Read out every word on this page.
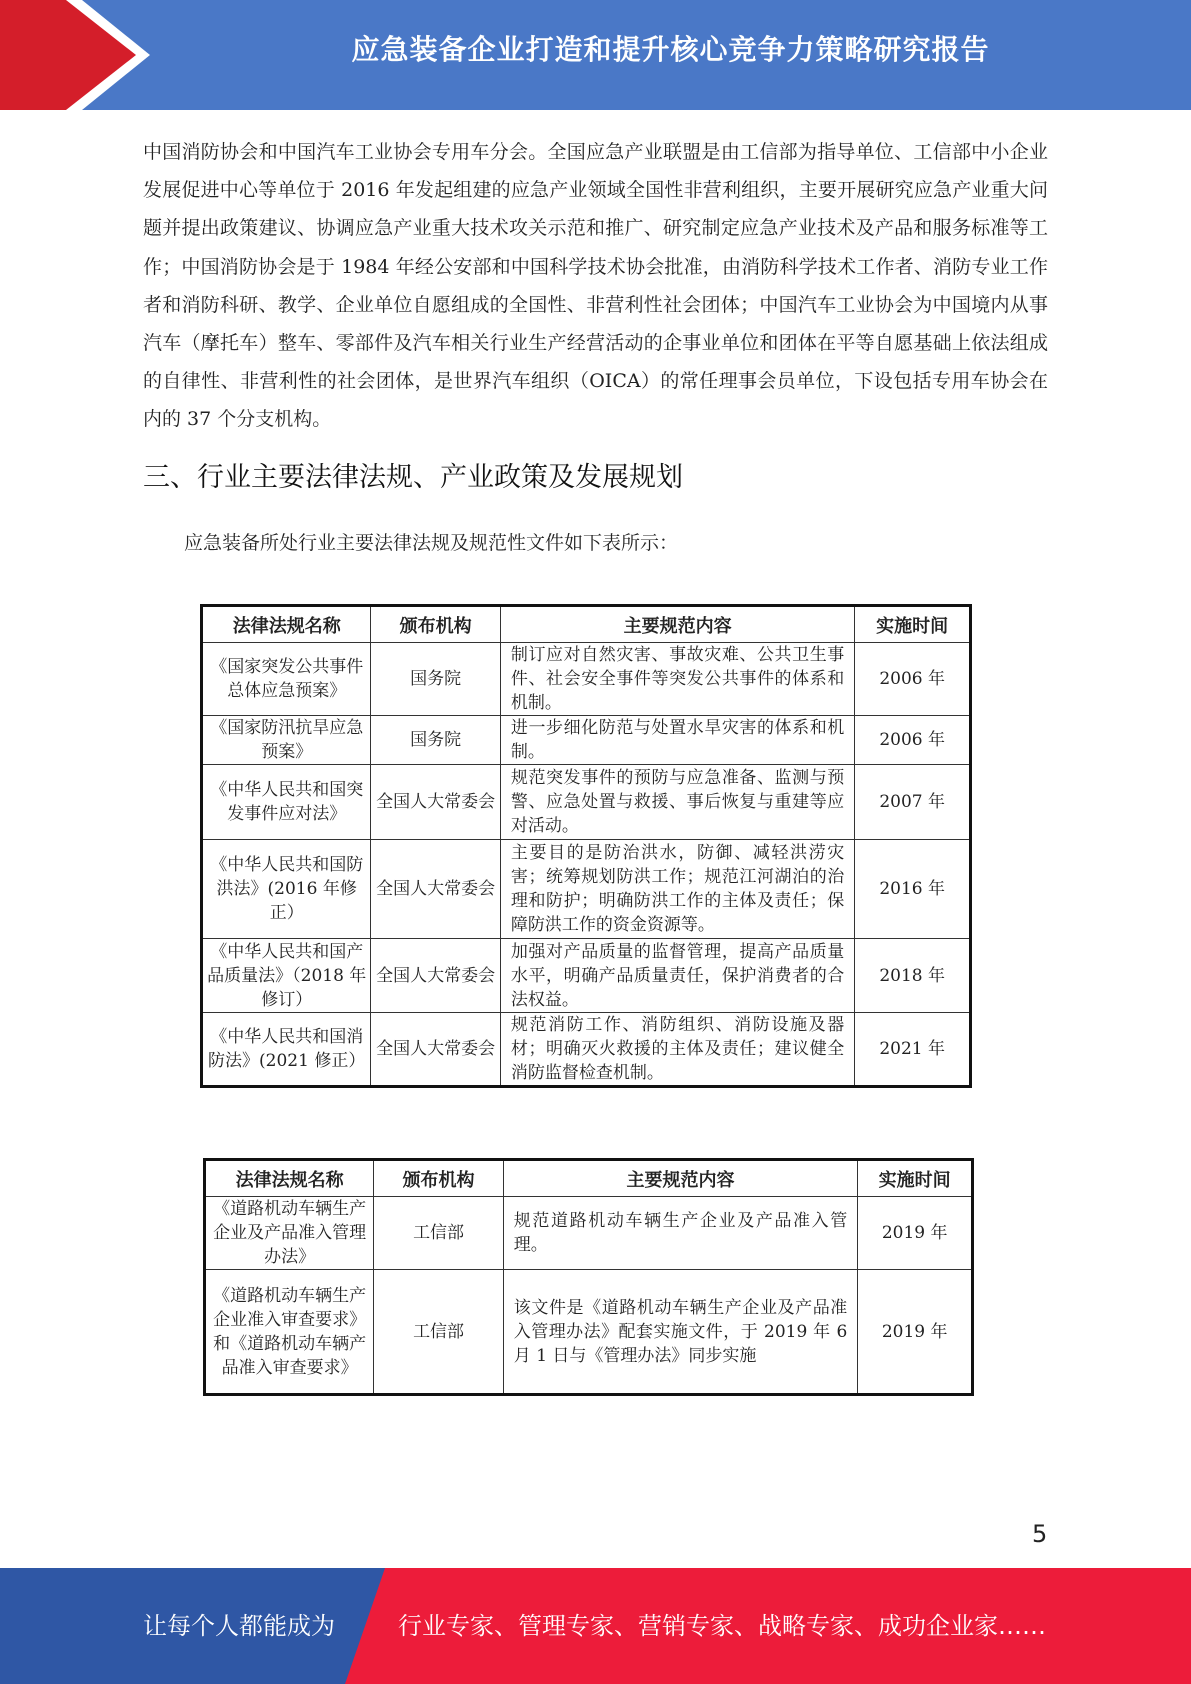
应急装备企业打造和提升核心竞争力策略研究报告
中国消防协会和中国汽车工业协会专用车分会。全国应急产业联盟是由工信部为指导单位、工信部中小企业发展促进中心等单位于 2016 年发起组建的应急产业领域全国性非营利组织，主要开展研究应急产业重大问题并提出政策建议、协调应急产业重大技术攻关示范和推广、研究制定应急产业技术及产品和服务标准等工作；中国消防协会是于 1984 年经公安部和中国科学技术协会批准，由消防科学技术工作者、消防专业工作者和消防科研、教学、企业单位自愿组成的全国性、非营利性社会团体；中国汽车工业协会为中国境内从事汽车（摩托车）整车、零部件及汽车相关行业生产经营活动的企事业单位和团体在平等自愿基础上依法组成的自律性、非营利性的社会团体，是世界汽车组织（OICA）的常任理事会员单位，下设包括专用车协会在内的 37 个分支机构。
三、行业主要法律法规、产业政策及发展规划
应急装备所处行业主要法律法规及规范性文件如下表所示：
法律法规名称	颁布机构	主要规范内容	实施时间
《国家突发公共事件总体应急预案》	国务院	制订应对自然灾害、事故灾难、公共卫生事件、社会安全事件等突发公共事件的体系和机制。	2006 年
《国家防汛抗旱应急预案》	国务院	进一步细化防范与处置水旱灾害的体系和机制。	2006 年
《中华人民共和国突发事件应对法》	全国人大常委会	规范突发事件的预防与应急准备、监测与预警、应急处置与救援、事后恢复与重建等应对活动。	2007 年
《中华人民共和国防洪法》(2016 年修正）	全国人大常委会	主要目的是防治洪水，防御、减轻洪涝灾害；统筹规划防洪工作；规范江河湖泊的治理和防护；明确防洪工作的主体及责任；保障防洪工作的资金资源等。	2016 年
《中华人民共和国产品质量法》（2018 年修订）	全国人大常委会	加强对产品质量的监督管理，提高产品质量水平，明确产品质量责任，保护消费者的合法权益。	2018 年
《中华人民共和国消防法》(2021 修正）	全国人大常委会	规范消防工作、消防组织、消防设施及器材；明确灭火救援的主体及责任；建议健全消防监督检查机制。	2021 年
法律法规名称	颁布机构	主要规范内容	实施时间
《道路机动车辆生产企业及产品准入管理办法》	工信部	规范道路机动车辆生产企业及产品准入管理。	2019 年
《道路机动车辆生产企业准入审查要求》和《道路机动车辆产品准入审查要求》	工信部	该文件是《道路机动车辆生产企业及产品准入管理办法》配套实施文件，于 2019 年 6 月 1 日与《管理办法》同步实施	2019 年
5
让每个人都能成为	行业专家、管理专家、营销专家、战略专家、成功企业家……
